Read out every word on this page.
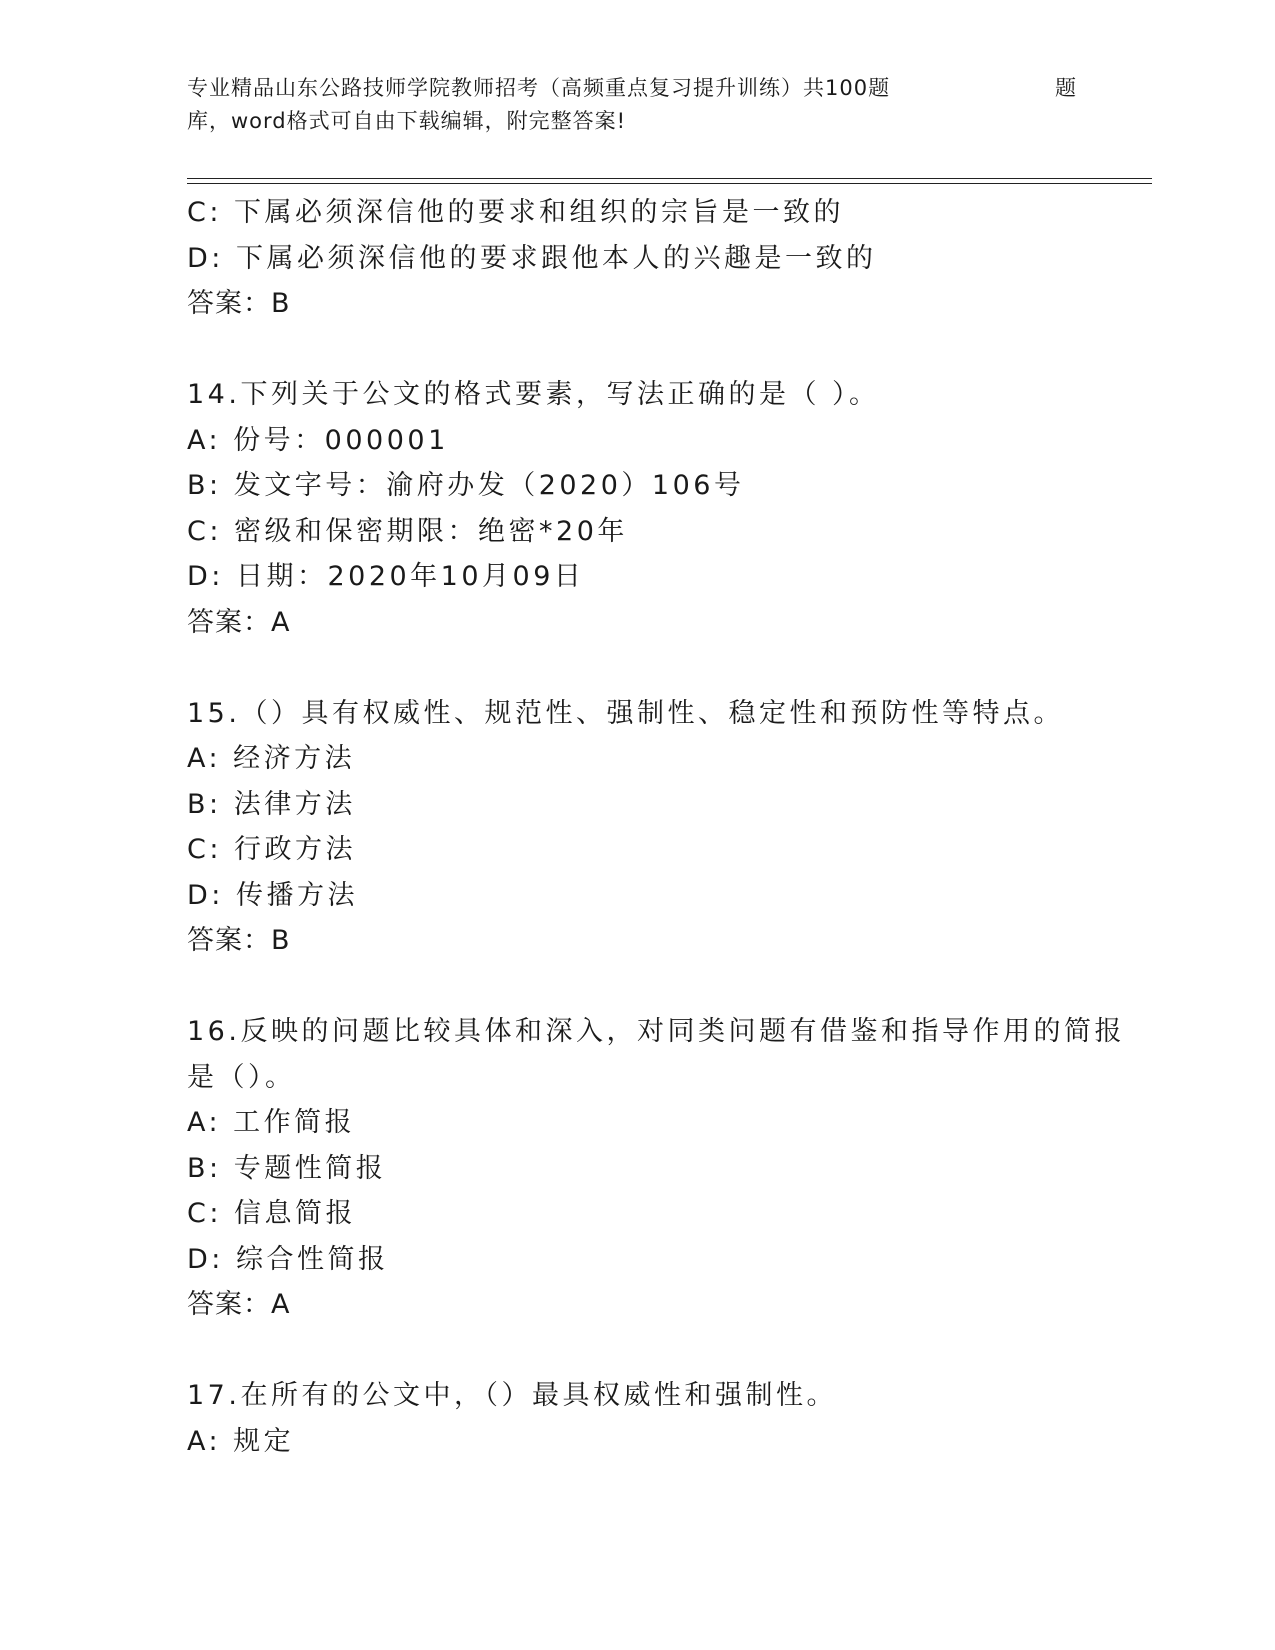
专业精品山东公路技师学院教师招考（高频重点复习提升训练）共100题	题
库，word格式可自由下载编辑，附完整答案!
C: 下属必须深信他的要求和组织的宗旨是一致的
D: 下属必须深信他的要求跟他本人的兴趣是一致的
答案：B
14.下列关于公文的格式要素，写法正确的是（ ）。
A: 份号：000001
B: 发文字号：渝府办发（2020）106号
C: 密级和保密期限：绝密*20年
D: 日期：2020年10月09日
答案：A
15.（）具有权威性、规范性、强制性、稳定性和预防性等特点。
A: 经济方法
B: 法律方法
C: 行政方法
D: 传播方法
答案：B
16.反映的问题比较具体和深入，对同类问题有借鉴和指导作用的简报
是（）。
A: 工作简报
B: 专题性简报
C: 信息简报
D: 综合性简报
答案：A
17.在所有的公文中，（）最具权威性和强制性。
A: 规定
